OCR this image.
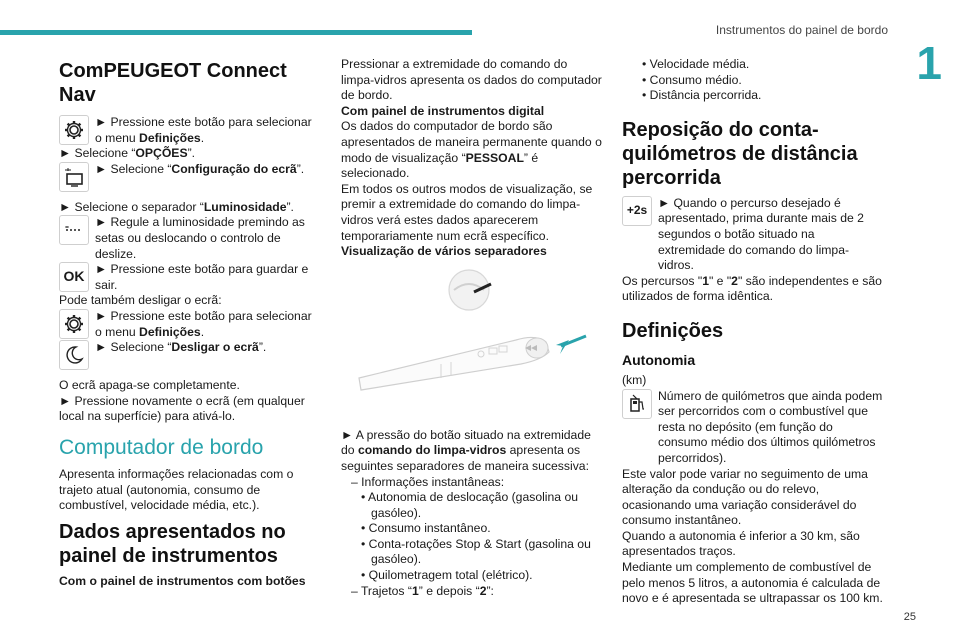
Instrumentos do painel de bordo
1
25
ComPEUGEOT Connect Nav

► Pressione este botão para selecionar o menu Definições.

► Selecione “OPÇÕES”.

► Selecione “Configuração do ecrã”.

► Selecione o separador “Luminosidade”.

► Regule a luminosidade premindo as setas ou deslocando o controlo de deslize.

OK ► Pressione este botão para guardar e sair.

Pode também desligar o ecrã:

► Pressione este botão para selecionar o menu Definições.

► Selecione “Desligar o ecrã”.

O ecrã apaga-se completamente.

► Pressione novamente o ecrã (em qualquer local na superfície) para ativá-lo.

Computador de bordo

Apresenta informações relacionadas com o trajeto atual (autonomia, consumo de combustível, velocidade média, etc.).

Dados apresentados no painel de instrumentos

Com o painel de instrumentos com botões

Pressionar a extremidade do comando do limpa-vidros apresenta os dados do computador de bordo.

Com painel de instrumentos digital

Os dados do computador de bordo são apresentados de maneira permanente quando o modo de visualização “PESSOAL” é selecionado.

Em todos os outros modos de visualização, se premir a extremidade do comando do limpa-vidros verá estes dados aparecerem temporariamente num ecrã específico.

Visualização de vários separadores

► A pressão do botão situado na extremidade do comando do limpa-vidros apresenta os seguintes separadores de maneira sucessiva:

– Informações instantâneas:

• Autonomia de deslocação (gasolina ou gasóleo).

• Consumo instantâneo.

• Conta-rotações Stop & Start (gasolina ou gasóleo).

• Quilometragem total (elétrico).

– Trajetos “1” e depois “2”:

• Velocidade média.

• Consumo médio.

• Distância percorrida.

Reposição do conta-quilómetros de distância percorrida
+2s

► Quando o percurso desejado é apresentado, prima durante mais de 2 segundos o botão situado na extremidade do comando do limpa-vidros.

Os percursos "1" e "2" são independentes e são utilizados de forma idêntica.

Definições
Autonomia

(km)

Número de quilómetros que ainda podem ser percorridos com o combustível que resta no depósito (em função do consumo médio dos últimos quilómetros percorridos).

Este valor pode variar no seguimento de uma alteração da condução ou do relevo, ocasionando uma variação considerável do consumo instantâneo.

Quando a autonomia é inferior a 30 km, são apresentados traços.

Mediante um complemento de combustível de pelo menos 5 litros, a autonomia é calculada de novo e é apresentada se ultrapassar os 100 km.
